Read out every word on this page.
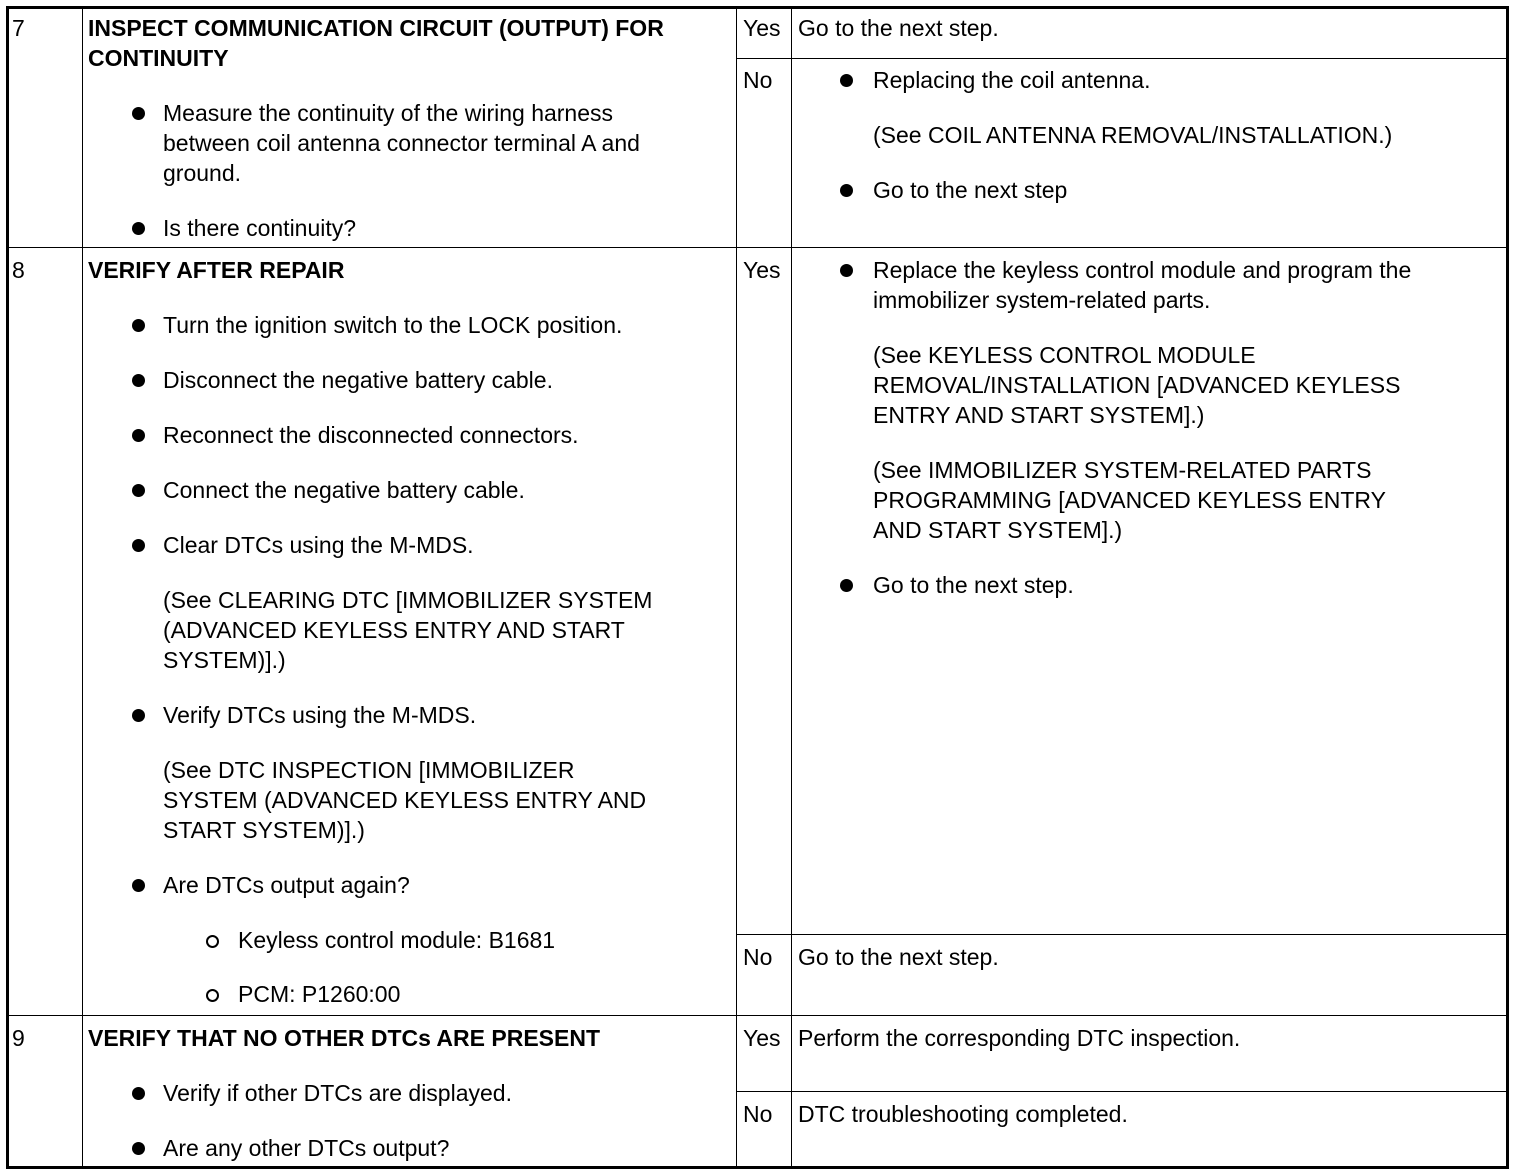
7	INSPECT COMMUNICATION CIRCUIT (OUTPUT) FOR
CONTINUITY
Measure the continuity of the wiring harness
between coil antenna connector terminal A and
ground.
Is there continuity?
Yes Go to the next step.
No	Replacing the coil antenna.
(See COIL ANTENNA REMOVAL/INSTALLATION.)
Go to the next step
8	VERIFY AFTER REPAIR
Turn the ignition switch to the LOCK position.
Disconnect the negative battery cable.
Reconnect the disconnected connectors.
Connect the negative battery cable.
Clear DTCs using the M-MDS.
(See CLEARING DTC [IMMOBILIZER SYSTEM
(ADVANCED KEYLESS ENTRY AND START
SYSTEM)].)
Verify DTCs using the M-MDS.
(See DTC INSPECTION [IMMOBILIZER
SYSTEM (ADVANCED KEYLESS ENTRY AND
START SYSTEM)].)
Are DTCs output again?
Keyless control module: B1681
PCM: P1260:00
Yes	Replace the keyless control module and program the
immobilizer system-related parts.
(See KEYLESS CONTROL MODULE
REMOVAL/INSTALLATION [ADVANCED KEYLESS
ENTRY AND START SYSTEM].)
(See IMMOBILIZER SYSTEM-RELATED PARTS
PROGRAMMING [ADVANCED KEYLESS ENTRY
AND START SYSTEM].)
Go to the next step.
No Go to the next step.
9	VERIFY THAT NO OTHER DTCs ARE PRESENT
Verify if other DTCs are displayed.
Are any other DTCs output?
Yes Perform the corresponding DTC inspection.
No DTC troubleshooting completed.
